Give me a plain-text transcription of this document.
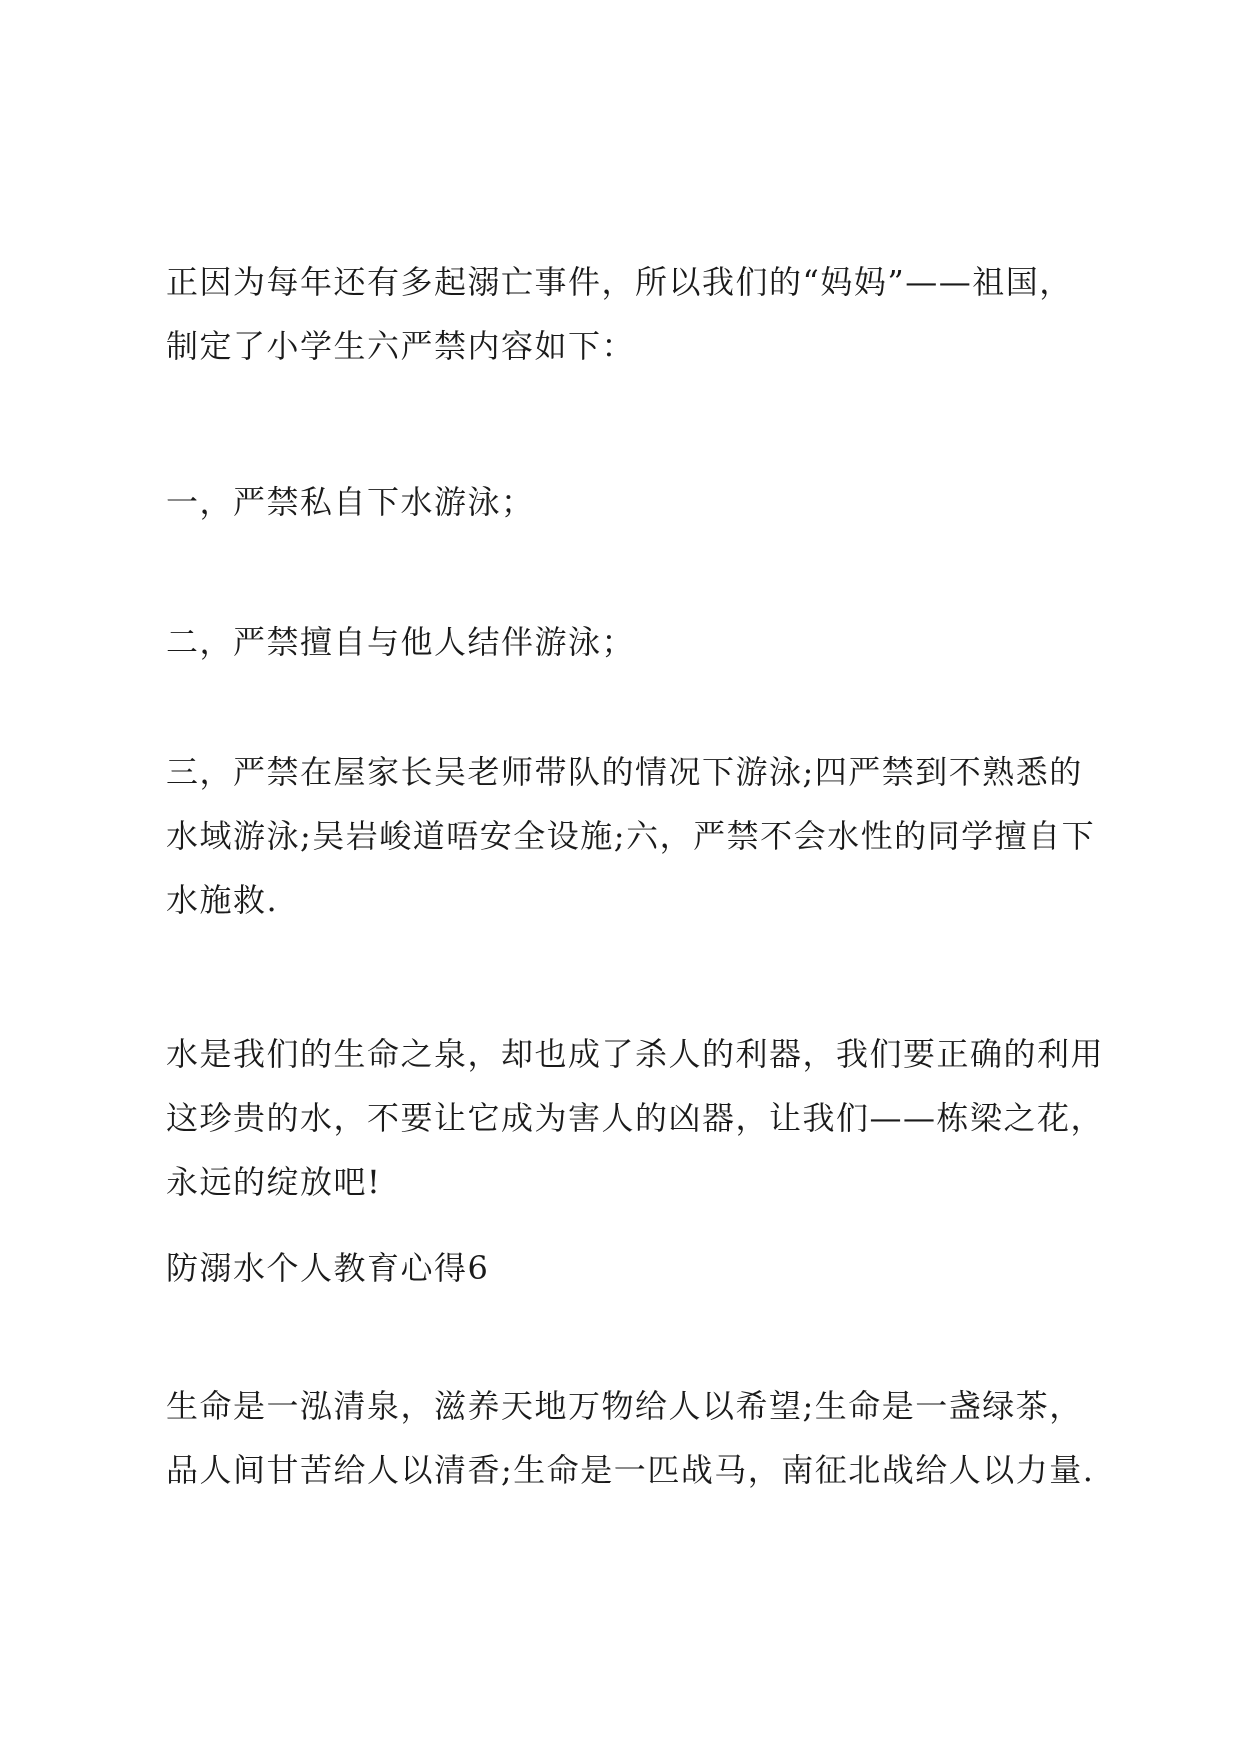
正因为每年还有多起溺亡事件，所以我们的“妈妈”——祖国，
制定了小学生六严禁内容如下：
一，严禁私自下水游泳；
二，严禁擅自与他人结伴游泳；
三，严禁在屋家长吴老师带队的情况下游泳;四严禁到不熟悉的
水域游泳;吴岩峻道唔安全设施;六，严禁不会水性的同学擅自下
水施救.
水是我们的生命之泉，却也成了杀人的利器，我们要正确的利用
这珍贵的水，不要让它成为害人的凶器，让我们——栋梁之花，
永远的绽放吧!
防溺水个人教育心得6
生命是一泓清泉，滋养天地万物给人以希望;生命是一盏绿茶，
品人间甘苦给人以清香;生命是一匹战马，南征北战给人以力量.
